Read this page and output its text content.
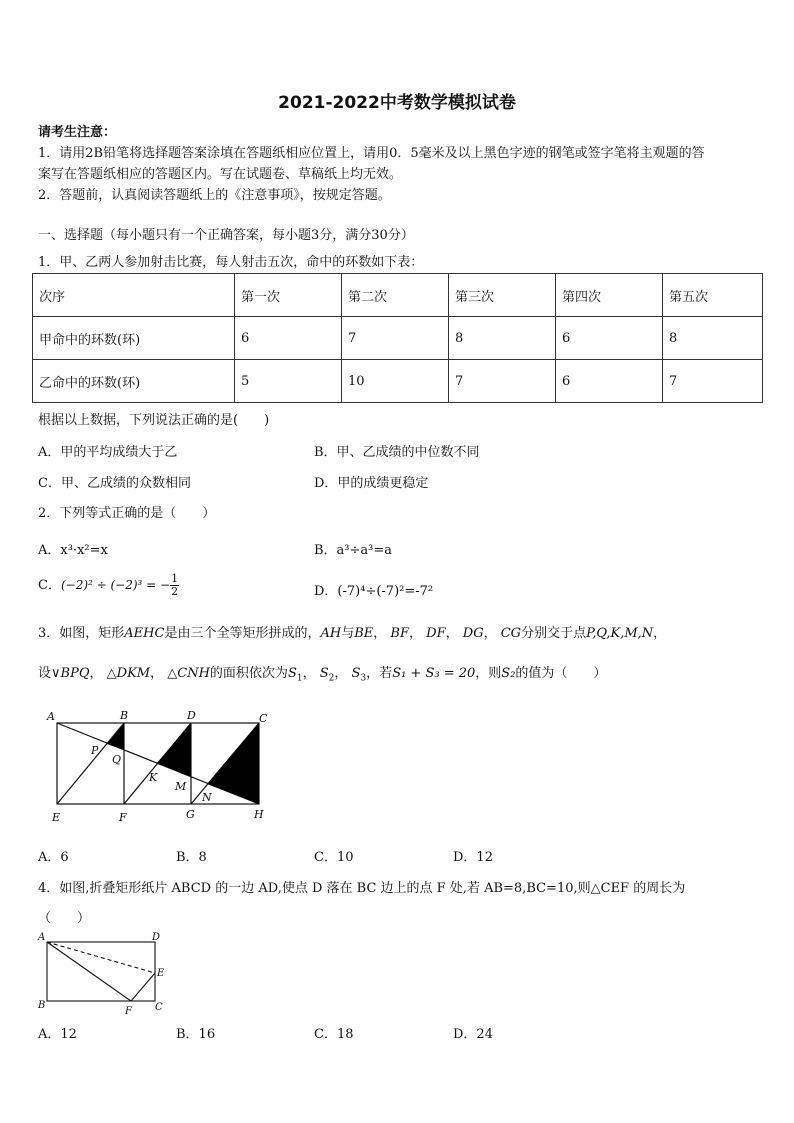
2021-2022中考数学模拟试卷
请考生注意：
1．请用2B铅笔将选择题答案涂填在答题纸相应位置上，请用0．5毫米及以上黑色字迹的钢笔或签字笔将主观题的答
案写在答题纸相应的答题区内。写在试题卷、草稿纸上均无效。
2．答题前，认真阅读答题纸上的《注意事项》，按规定答题。
一、选择题（每小题只有一个正确答案，每小题3分，满分30分）
1．甲、乙两人参加射击比赛，每人射击五次，命中的环数如下表：
次序	第一次	第二次	第三次	第四次	第五次
甲命中的环数(环)	6	7	8	6	8
乙命中的环数(环)	5	10	7	6	7
根据以上数据，下列说法正确的是(　　)
A．甲的平均成绩大于乙	B．甲、乙成绩的中位数不同
C．甲、乙成绩的众数相同	D．甲的成绩更稳定
2．下列等式正确的是（　　）
A．x³·x²=x	B．a³÷a³=a
C．(−2)² ÷ (−2)³ = − $\frac{1}{2}$	D．(-7)⁴÷(-7)²=-7²
3．如图，矩形AEHC是由三个全等矩形拼成的，AH与BE， BF， DF， DG， CG分别交于点P,Q,K,M,N，
设∨BPQ， △DKM， △CNH的面积依次为$S_1$， $S_2$， $S_3$，若S₁ + S₃ = 20，则S₂的值为（　　）
A	B	D	C
P
Q
K
M
N
E	F	G	H
A．6	B．8	C．10	D．12
4．如图,折叠矩形纸片 ABCD 的一边 AD,使点 D 落在 BC 边上的点 F 处,若 AB=8,BC=10,则△CEF 的周长为
（　　）
A	D
E
B
F C
A．12	B．16	C．18	D．24
